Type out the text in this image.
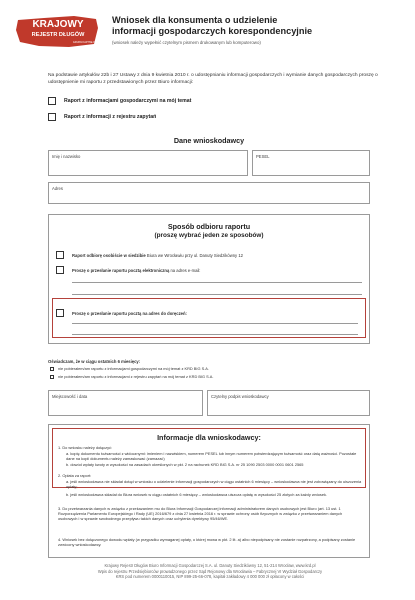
KRAJOWY
REJESTR DŁUGÓW
GRUPA KAPITAŁOWA
Wniosek dla konsumenta o udzielenie
informacji gospodarczych korespondencyjnie
(wniosek należy wypełnić czytelnym pismem drukowanym lub komputerowo)
Na podstawie artykułów 22b i 27 Ustawy z dnia 9 kwietnia 2010 r. o udostępnianiu informacji gospodarczych i wymianie danych gospodarczych proszę o udostępnienie mi raportu z przedstawionych przez Biuro informacji:
Raport z informacjami gospodarczymi na mój temat
Raport z informacji z rejestru zapytań
Dane wnioskodawcy
Imię i nazwisko	PESEL
Adres
Sposób odbioru raportu
(proszę wybrać jeden ze sposobów)
Raport odbiorę osobiście w siedzibie Biura we Wrocławiu przy ul. Danuty Siedzikówny 12
Proszę o przesłanie raportu pocztą elektroniczną na adres e-mail:
Proszę o przesłanie raportu pocztą na adres do doręczeń:
Oświadczam, że w ciągu ostatnich 6 miesięcy:
nie pobierałem/am raportu z informacjami gospodarczymi na mój temat z KRD BIG S.A.
nie pobierałem/am raportu z informacjami z rejestru zapytań na mój temat z KRD BIG S.A.
Miejscowość i data	Czytelny podpis wnioskodawcy
Informacje dla wnioskodawcy:
1. Do wniosku należy dołączyć:
a. kopię dokumentu tożsamości z widocznymi: imieniem i nazwiskiem, numerem PESEL lub innym numerem potwierdzającym tożsamość oraz datą ważności. Pozostałe dane na kopii dokumentu należy zamaskować (zamazać)
b. dowód wpłaty kwoty w wysokości na zasadach określonych w pkt. 2 na rachunek KRD BIG S.A. nr 25 1090 2503 0000 0001 0601 2565
2. Opłata za raport:
a. jeśli wnioskodawca nie składał dotąd w wniosku o udzielenie informacji gospodarczych w ciągu ostatnich 6 miesięcy – wnioskodawca nie jest zobowiązany do uiszczenia opłaty;
b. jeśli wnioskodawca składał do Biura wniosek w ciągu ostatnich 6 miesięcy – wnioskodawca uiszcza opłatę w wysokości 25 złotych za każdy wniosek.
3. Do przetwarzania danych w związku z przekazaniem mu do Biura Informacji Gospodarczej informacji administratorem danych osobowych jest Biuro (art. 13 ust. 1 Rozporządzenia Parlamentu Europejskiego i Rady (UE) 2016/679 z dnia 27 kwietnia 2016 r. w sprawie ochrony osób fizycznych w związku z przetwarzaniem danych osobowych i w sprawie swobodnego przepływu takich danych oraz uchylenia dyrektywy 95/46/WE.
4. Wniosek bez dołączonego dowodu wpłaty (w przypadku wymaganej opłaty, o której mowa w pkt. 2 lit. a) albo niepodpisany nie zostanie rozpatrzony, a podpisany zostanie zwrócony wnioskodawcy.
Krajowy Rejestr Długów Biuro Informacji Gospodarczej S.A. ul. Danuty Siedzikówny 12, 51-214 Wrocław, www.krd.pl
Wpis do rejestru Przedsiębiorców prowadzonego przez Sąd Rejonowy dla Wrocławia – Fabrycznej VI Wydział Gospodarczy
KRS pod numerem 0000110015, NIP 899-25-66-078, kapitał zakładowy 4 000 000 zł opłacony w całości
